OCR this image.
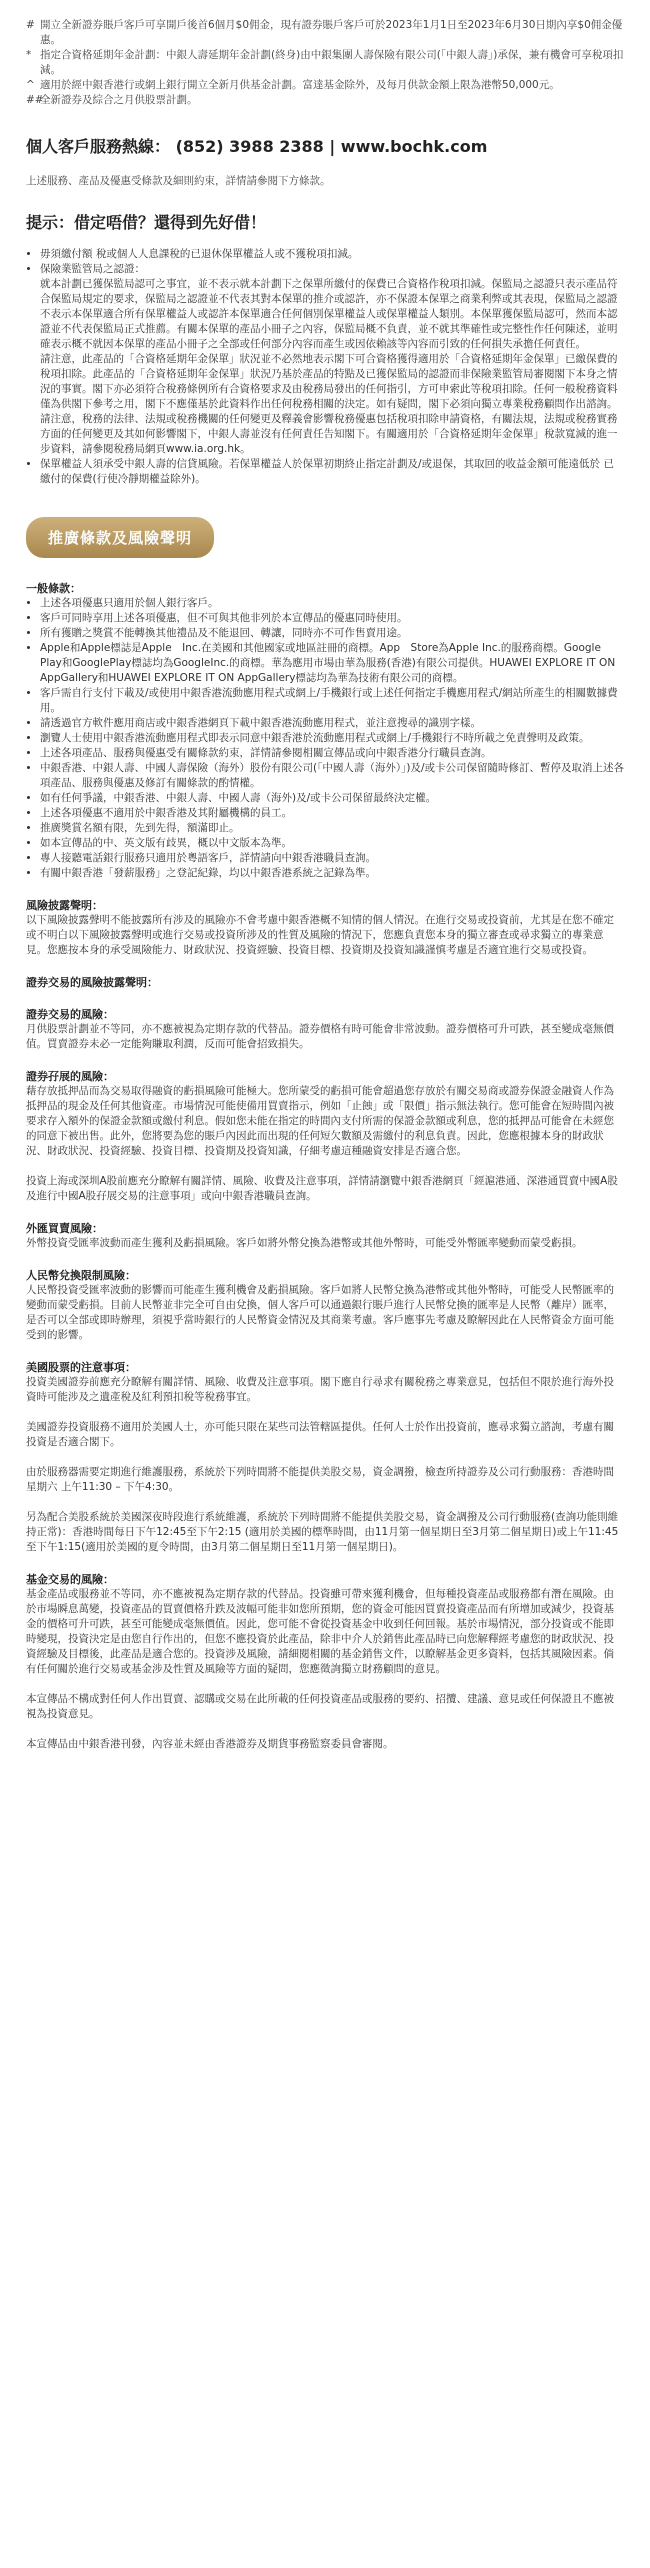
# 開立全新證券賬戶客戶可享開戶後首6個月$0佣金，現有證券賬戶客戶可於2023年1月1日至2023年6月30日期內享$0佣金優惠。
* 指定合資格延期年金計劃：中銀人壽延期年金計劃(終身)由中銀集團人壽保險有限公司(「中銀人壽」)承保，兼有機會可享稅項扣減。
^ 適用於經中銀香港行或網上銀行開立全新月供基金計劃。富達基金除外，及每月供款金額上限為港幣50,000元。
##
全新證券及綜合之月供股票計劃。
個人客戶服務熱線： (852) 3988 2388 | www.bochk.com
上述服務、產品及優惠受條款及細則約束，詳情請參閱下方條款。
提示：借定唔借？還得到先好借！
• 毋須繳付額 稅或個人人息課稅的已退休保單權益人或不獲稅項扣減。
• 保險業監管局之認證：
就本計劃已獲保監局認可之事宜，並不表示就本計劃下之保單所繳付的保費已合資格作稅項扣減。保監局之認證只表示產品符合保監局規定的要求，保監局之認證並不代表其對本保單的推介或認許，亦不保證本保單之商業利弊或其表現，保監局之認證不表示本保單適合所有保單權益人或認許本保單適合任何個別保單權益人或保單權益人類別。本保單獲保監局認可，然而本認證並不代表保監局正式推薦。有關本保單的產品小冊子之內容，保監局概不負責，並不就其準確性或完整性作任何陳述，並明確表示概不就因本保單的產品小冊子之全部或任何部分內容而產生或因依賴該等內容而引致的任何損失承擔任何責任。
請注意，此產品的「合資格延期年金保單」狀況並不必然地表示閣下可合資格獲得適用於「合資格延期年金保單」已繳保費的稅項扣除。此產品的「合資格延期年金保單」狀況乃基於產品的特點及已獲保監局的認證而非保險業監管局審閱閣下本身之情況的事實。閣下亦必須符合稅務條例所有合資格要求及由稅務局發出的任何指引，方可申索此等稅項扣除。任何一般稅務資料僅為供閣下參考之用，閣下不應僅基於此資料作出任何稅務相關的決定。如有疑問，閣下必須向獨立專業稅務顧問作出諮詢。請注意，稅務的法律、法規或稅務機關的任何變更及釋義會影響稅務優惠包括稅項扣除申請資格，有關法規，法規或稅務實務方面的任何變更及其如何影響閣下，中銀人壽並沒有任何責任告知閣下。有關適用於「合資格延期年金保單」稅款寬減的進一步資料，請參閱稅務局網頁www.ia.org.hk。
• 保單權益人須承受中銀人壽的信貸風險。若保單權益人於保單初期終止指定計劃及/或退保，其取回的收益金額可能遠低於 已繳付的保費(行使冷靜期權益除外)。
推廣條款及風險聲明
一般條款：
• 上述各項優惠只適用於個人銀行客戶。
• 客戶可同時享用上述各項優惠，但不可與其他非列於本宣傳品的優惠同時使用。
• 所有獲贈之獎賞不能轉換其他禮品及不能退回、轉讓，同時亦不可作售賣用途。
• Apple和Apple標誌是Apple　Inc.在美國和其他國家或地區註冊的商標。App　Store為Apple Inc.的服務商標。Google　Play和GooglePlay標誌均為GoogleInc.的商標。華為應用市場由華為服務(香港)有限公司提供。HUAWEI EXPLORE IT ON AppGallery和HUAWEI EXPLORE IT ON AppGallery標誌均為華為技術有限公司的商標。
• 客戶需自行支付下載及/或使用中銀香港流動應用程式或網上/手機銀行或上述任何指定手機應用程式/網站所產生的相關數據費用。
• 請透過官方軟件應用商店或中銀香港網頁下載中銀香港流動應用程式，並注意搜尋的識別字樣。
• 瀏覽人士使用中銀香港流動應用程式即表示同意中銀香港於流動應用程式或網上/手機銀行不時所載之免責聲明及政策。
• 上述各項產品、服務與優惠受有關條款約束，詳情請參閱相關宣傳品或向中銀香港分行職員查詢。
• 中銀香港、中銀人壽、中國人壽保險（海外）股份有限公司(「中國人壽（海外）」)及/或卡公司保留隨時修訂、暫停及取消上述各項產品、服務與優惠及修訂有關條款的酌情權。
• 如有任何爭議，中銀香港、中銀人壽、中國人壽（海外)及/或卡公司保留最終決定權。
• 上述各項優惠不適用於中銀香港及其附屬機構的員工。
• 推廣獎賞名額有限，先到先得，額滿即止。
• 如本宣傳品的中、英文版有歧異，概以中文版本為準。
• 專人接聽電話銀行服務只適用於粵語客戶，詳情請向中銀香港職員查詢。
• 有關中銀香港「發薪服務」之登記紀錄，均以中銀香港系統之記錄為準。
風險披露聲明：

以下風險披露聲明不能披露所有涉及的風險亦不會考慮中銀香港概不知情的個人情況。在進行交易或投資前，尤其是在您不確定或不明白以下風險披露聲明或進行交易或投資所涉及的性質及風險的情況下，您應負責您本身的獨立審查或尋求獨立的專業意見。您應按本身的承受風險能力、財政狀況、投資經驗、投資目標、投資期及投資知識謹慎考慮是否適宜進行交易或投資。

證券交易的風險披露聲明：
證券交易的風險：

月供股票計劃並不等同，亦不應被視為定期存款的代替品。證券價格有時可能會非常波動。證券價格可升可跌，甚至變成毫無價值。買賣證券未必一定能夠賺取利潤，反而可能會招致損失。

證券孖展的風險：

藉存放抵押品而為交易取得融資的虧損風險可能極大。您所蒙受的虧損可能會超過您存放於有關交易商或證券保證金融資人作為抵押品的現金及任何其他資產。市場情況可能使備用買賣指示，例如「止蝕」或「限價」指示無法執行。您可能會在短時間內被要求存入額外的保證金款額或繳付利息。假如您未能在指定的時間內支付所需的保證金款額或利息，您的抵押品可能會在未經您的同意下被出售。此外，您將要為您的賬戶內因此而出現的任何短欠數額及需繳付的利息負責。因此，您應根據本身的財政狀況、財政狀況、投資經驗、投資目標、投資期及投資知識，仔細考慮這種融資安排是否適合您。

投資上海或深圳A股前應充分瞭解有關詳情、風險、收費及注意事項，詳情請瀏覽中銀香港網頁「經滬港通、深港通買賣中國A股及進行中國A股孖展交易的注意事項」或向中銀香港職員查詢。

外匯買賣風險：

外幣投資受匯率波動而產生獲利及虧損風險。客戶如將外幣兌換為港幣或其他外幣時，可能受外幣匯率變動而蒙受虧損。

人民幣兌換限制風險：

人民幣投資受匯率波動的影響而可能產生獲利機會及虧損風險。客戶如將人民幣兌換為港幣或其他外幣時，可能受人民幣匯率的變動而蒙受虧損。目前人民幣並非完全可自由兌換，個人客戶可以通過銀行賬戶進行人民幣兌換的匯率是人民幣（離岸）匯率，是否可以全部或即時辦理，須視乎當時銀行的人民幣資金情況及其商業考慮。客戶應事先考慮及瞭解因此在人民幣資金方面可能受到的影響。

美國股票的注意事項：

投資美國證券前應充分瞭解有關詳情、風險、收費及注意事項。閣下應自行尋求有關稅務之專業意見，包括但不限於進行海外投資時可能涉及之遺產稅及紅利預扣稅等稅務事宜。

美國證券投資服務不適用於美國人士，亦可能只限在某些司法管轄區提供。任何人士於作出投資前，應尋求獨立諮詢，考慮有關投資是否適合閣下。

由於服務器需要定期進行維護服務，系統於下列時間將不能提供美股交易，資金調撥，檢查所持證券及公司行動服務：香港時間星期六 上午11:30 – 下午4:30。

另為配合美股系統於美國深夜時段進行系統維護，系統於下列時間將不能提供美股交易，資金調撥及公司行動服務(查詢功能則維持正常)：香港時間每日下午12:45至下午2:15 (適用於美國的標準時間，由11月第一個星期日至3月第二個星期日)或上午11:45至下午1:15(適用於美國的夏令時間，由3月第二個星期日至11月第一個星期日)。

基金交易的風險：

基金產品或服務並不等同，亦不應被視為定期存款的代替品。投資雖可帶來獲利機會，但每種投資產品或服務都有潛在風險。由於市場瞬息萬變，投資產品的買賣價格升跌及波幅可能非如您所預期，您的資金可能因買賣投資產品而有所增加或減少，投資基金的價格可升可跌，甚至可能變成毫無價值。因此，您可能不會從投資基金中收到任何回報。基於市場情況，部分投資或不能即時變現，投資決定是由您自行作出的，但您不應投資於此產品，除非中介人於銷售此產品時已向您解釋經考慮您的財政狀況、投資經驗及目標後，此產品是適合您的。投資涉及風險，請細閱相關的基金銷售文件，以瞭解基金更多資料，包括其風險因素。倘有任何關於進行交易或基金涉及性質及風險等方面的疑問，您應徵詢獨立財務顧問的意見。

本宣傳品不構成對任何人作出買賣、認購或交易在此所載的任何投資產品或服務的要約、招攬、建議、意見或任何保證且不應被視為投資意見。

本宣傳品由中銀香港刊發，內容並未經由香港證券及期貨事務監察委員會審閱。
